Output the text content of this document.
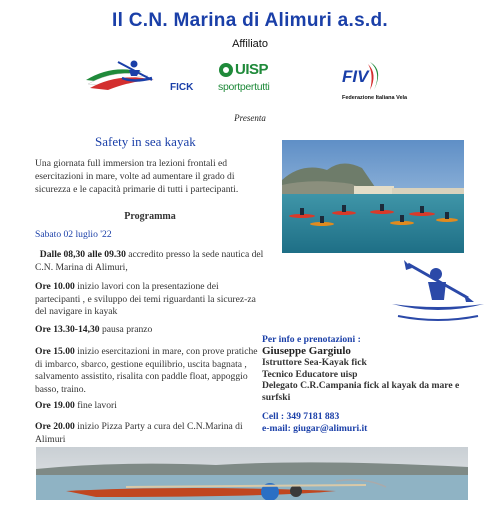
Il C.N. Marina di Alimuri a.s.d.
Affiliato
FICK
UISP
sportpertutti
FIV
Federazione Italiana Vela
Presenta
Safety in sea kayak
Una giornata full immersion tra lezioni frontali ed esercitazioni in mare, volte ad aumentare il grado di sicurezza e le capacità primarie di tutti i partecipanti.
Programma
Sabato 02 luglio '22
Dalle 08,30 alle 09.30 accredito presso la sede nautica del C.N. Marina di Alimuri,
Ore 10.00 inizio lavori con la presentazione dei partecipanti , e sviluppo dei temi riguardanti la sicurez-za del navigare in kayak
Ore 13.30-14,30 pausa pranzo
Ore 15.00 inizio esercitazioni in mare, con prove pratiche di imbarco, sbarco, gestione equilibrio, uscita bagnata , salvamento assistito, risalita con paddle float, appoggio basso, traino.
Ore 19.00 fine lavori
Ore 20.00 inizio Pizza Party a cura del C.N.Marina di Alimuri
Per info e prenotazioni :
Giuseppe Gargiulo
Istruttore Sea-Kayak fick
Tecnico Educatore uisp
Delegato C.R.Campania fick al kayak da mare e surfski
Cell : 349 7181 883
e-mail: giugar@alimuri.it
